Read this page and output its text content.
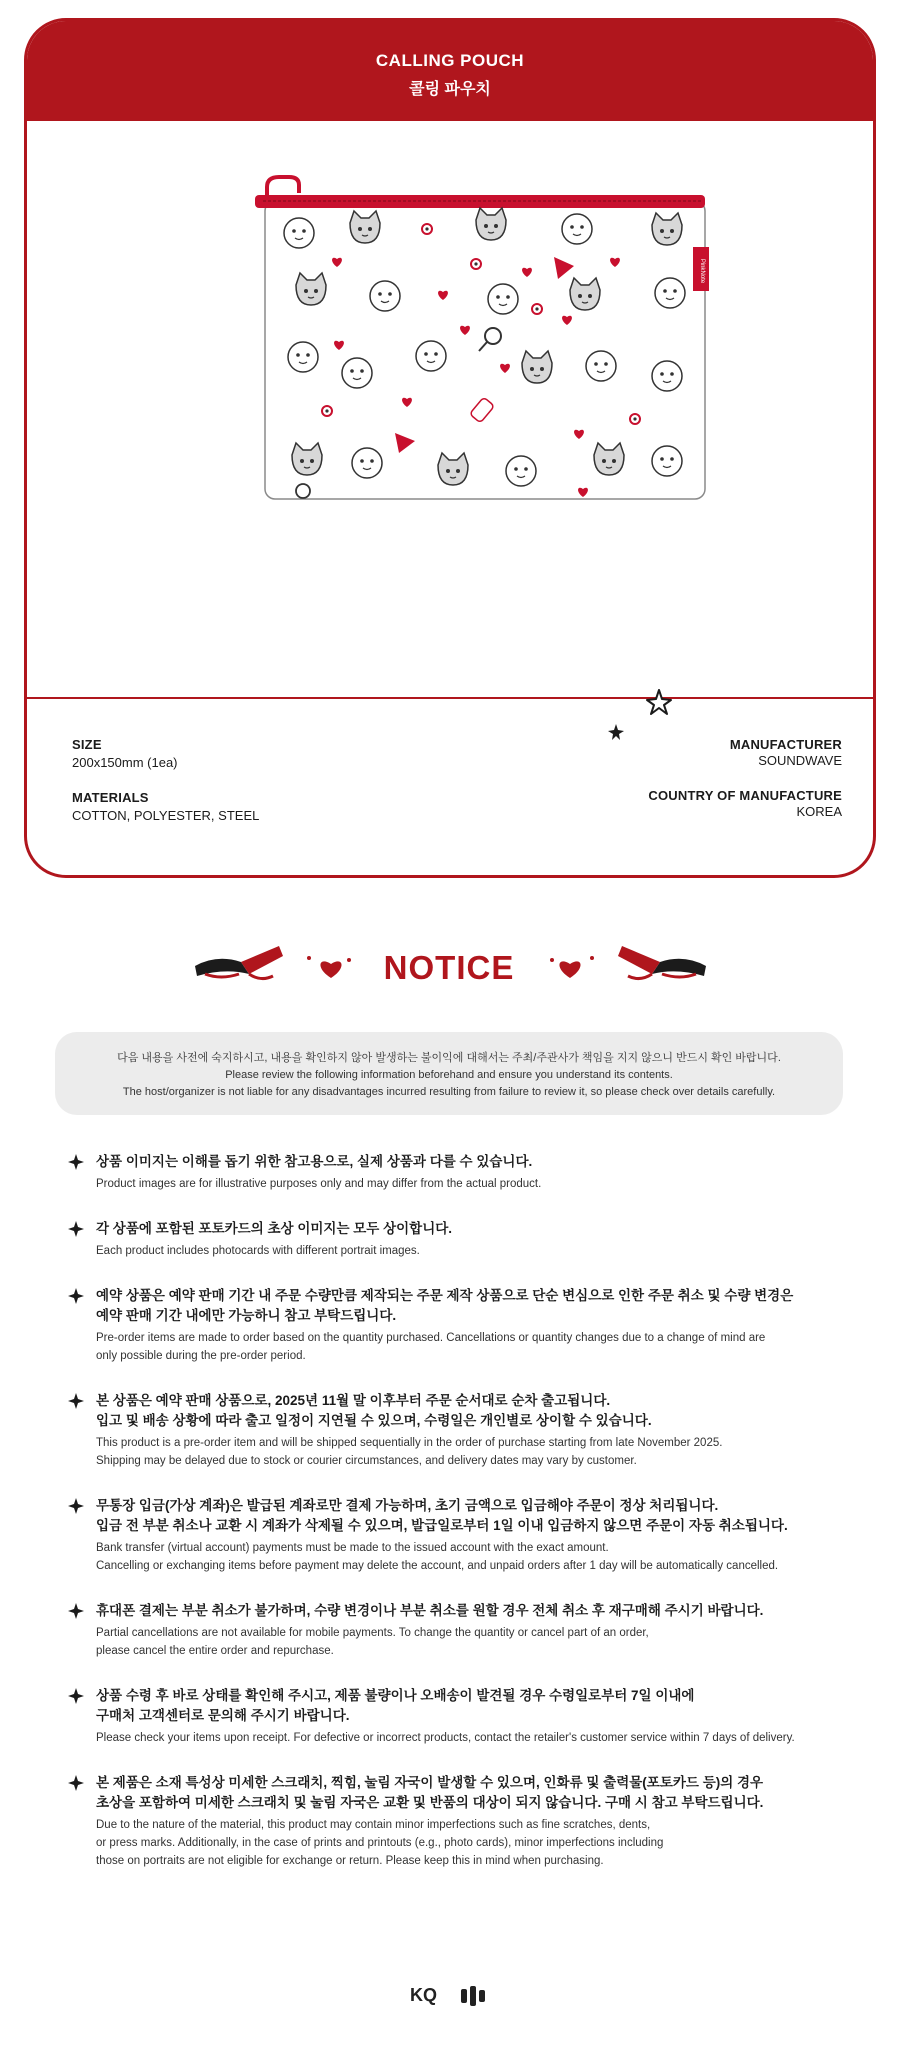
CALLING POUCH
콜링 파우치
PinkNote
SIZE
200x150mm (1ea)
MATERIALS
COTTON, POLYESTER, STEEL
MANUFACTURER
SOUNDWAVE
COUNTRY OF MANUFACTURE
KOREA
NOTICE
다음 내용을 사전에 숙지하시고, 내용을 확인하지 않아 발생하는 불이익에 대해서는 주최/주관사가 책임을 지지 않으니 반드시 확인 바랍니다.
Please review the following information beforehand and ensure you understand its contents.
The host/organizer is not liable for any disadvantages incurred resulting from failure to review it, so please check over details carefully.
상품 이미지는 이해를 돕기 위한 참고용으로, 실제 상품과 다를 수 있습니다.
Product images are for illustrative purposes only and may differ from the actual product.
각 상품에 포함된 포토카드의 초상 이미지는 모두 상이합니다.
Each product includes photocards with different portrait images.
예약 상품은 예약 판매 기간 내 주문 수량만큼 제작되는 주문 제작 상품으로 단순 변심으로 인한 주문 취소 및 수량 변경은
예약 판매 기간 내에만 가능하니 참고 부탁드립니다.
Pre-order items are made to order based on the quantity purchased. Cancellations or quantity changes due to a change of mind are
only possible during the pre-order period.
본 상품은 예약 판매 상품으로, 2025년 11월 말 이후부터 주문 순서대로 순차 출고됩니다.
입고 및 배송 상황에 따라 출고 일정이 지연될 수 있으며, 수령일은 개인별로 상이할 수 있습니다.
This product is a pre-order item and will be shipped sequentially in the order of purchase starting from late November 2025.
Shipping may be delayed due to stock or courier circumstances, and delivery dates may vary by customer.
무통장 입금(가상 계좌)은 발급된 계좌로만 결제 가능하며, 초기 금액으로 입금해야 주문이 정상 처리됩니다.
입금 전 부분 취소나 교환 시 계좌가 삭제될 수 있으며, 발급일로부터 1일 이내 입금하지 않으면 주문이 자동 취소됩니다.
Bank transfer (virtual account) payments must be made to the issued account with the exact amount.
Cancelling or exchanging items before payment may delete the account, and unpaid orders after 1 day will be automatically cancelled.
휴대폰 결제는 부분 취소가 불가하며, 수량 변경이나 부분 취소를 원할 경우 전체 취소 후 재구매해 주시기 바랍니다.
Partial cancellations are not available for mobile payments. To change the quantity or cancel part of an order,
please cancel the entire order and repurchase.
상품 수령 후 바로 상태를 확인해 주시고, 제품 불량이나 오배송이 발견될 경우 수령일로부터 7일 이내에
구매처 고객센터로 문의해 주시기 바랍니다.
Please check your items upon receipt. For defective or incorrect products, contact the retailer's customer service within 7 days of delivery.
본 제품은 소재 특성상 미세한 스크래치, 찍힘, 눌림 자국이 발생할 수 있으며, 인화류 및 출력물(포토카드 등)의 경우
초상을 포함하여 미세한 스크래치 및 눌림 자국은 교환 및 반품의 대상이 되지 않습니다. 구매 시 참고 부탁드립니다.
Due to the nature of the material, this product may contain minor imperfections such as fine scratches, dents,
or press marks. Additionally, in the case of prints and printouts (e.g., photo cards), minor imperfections including
those on portraits are not eligible for exchange or return. Please keep this in mind when purchasing.
KQ
